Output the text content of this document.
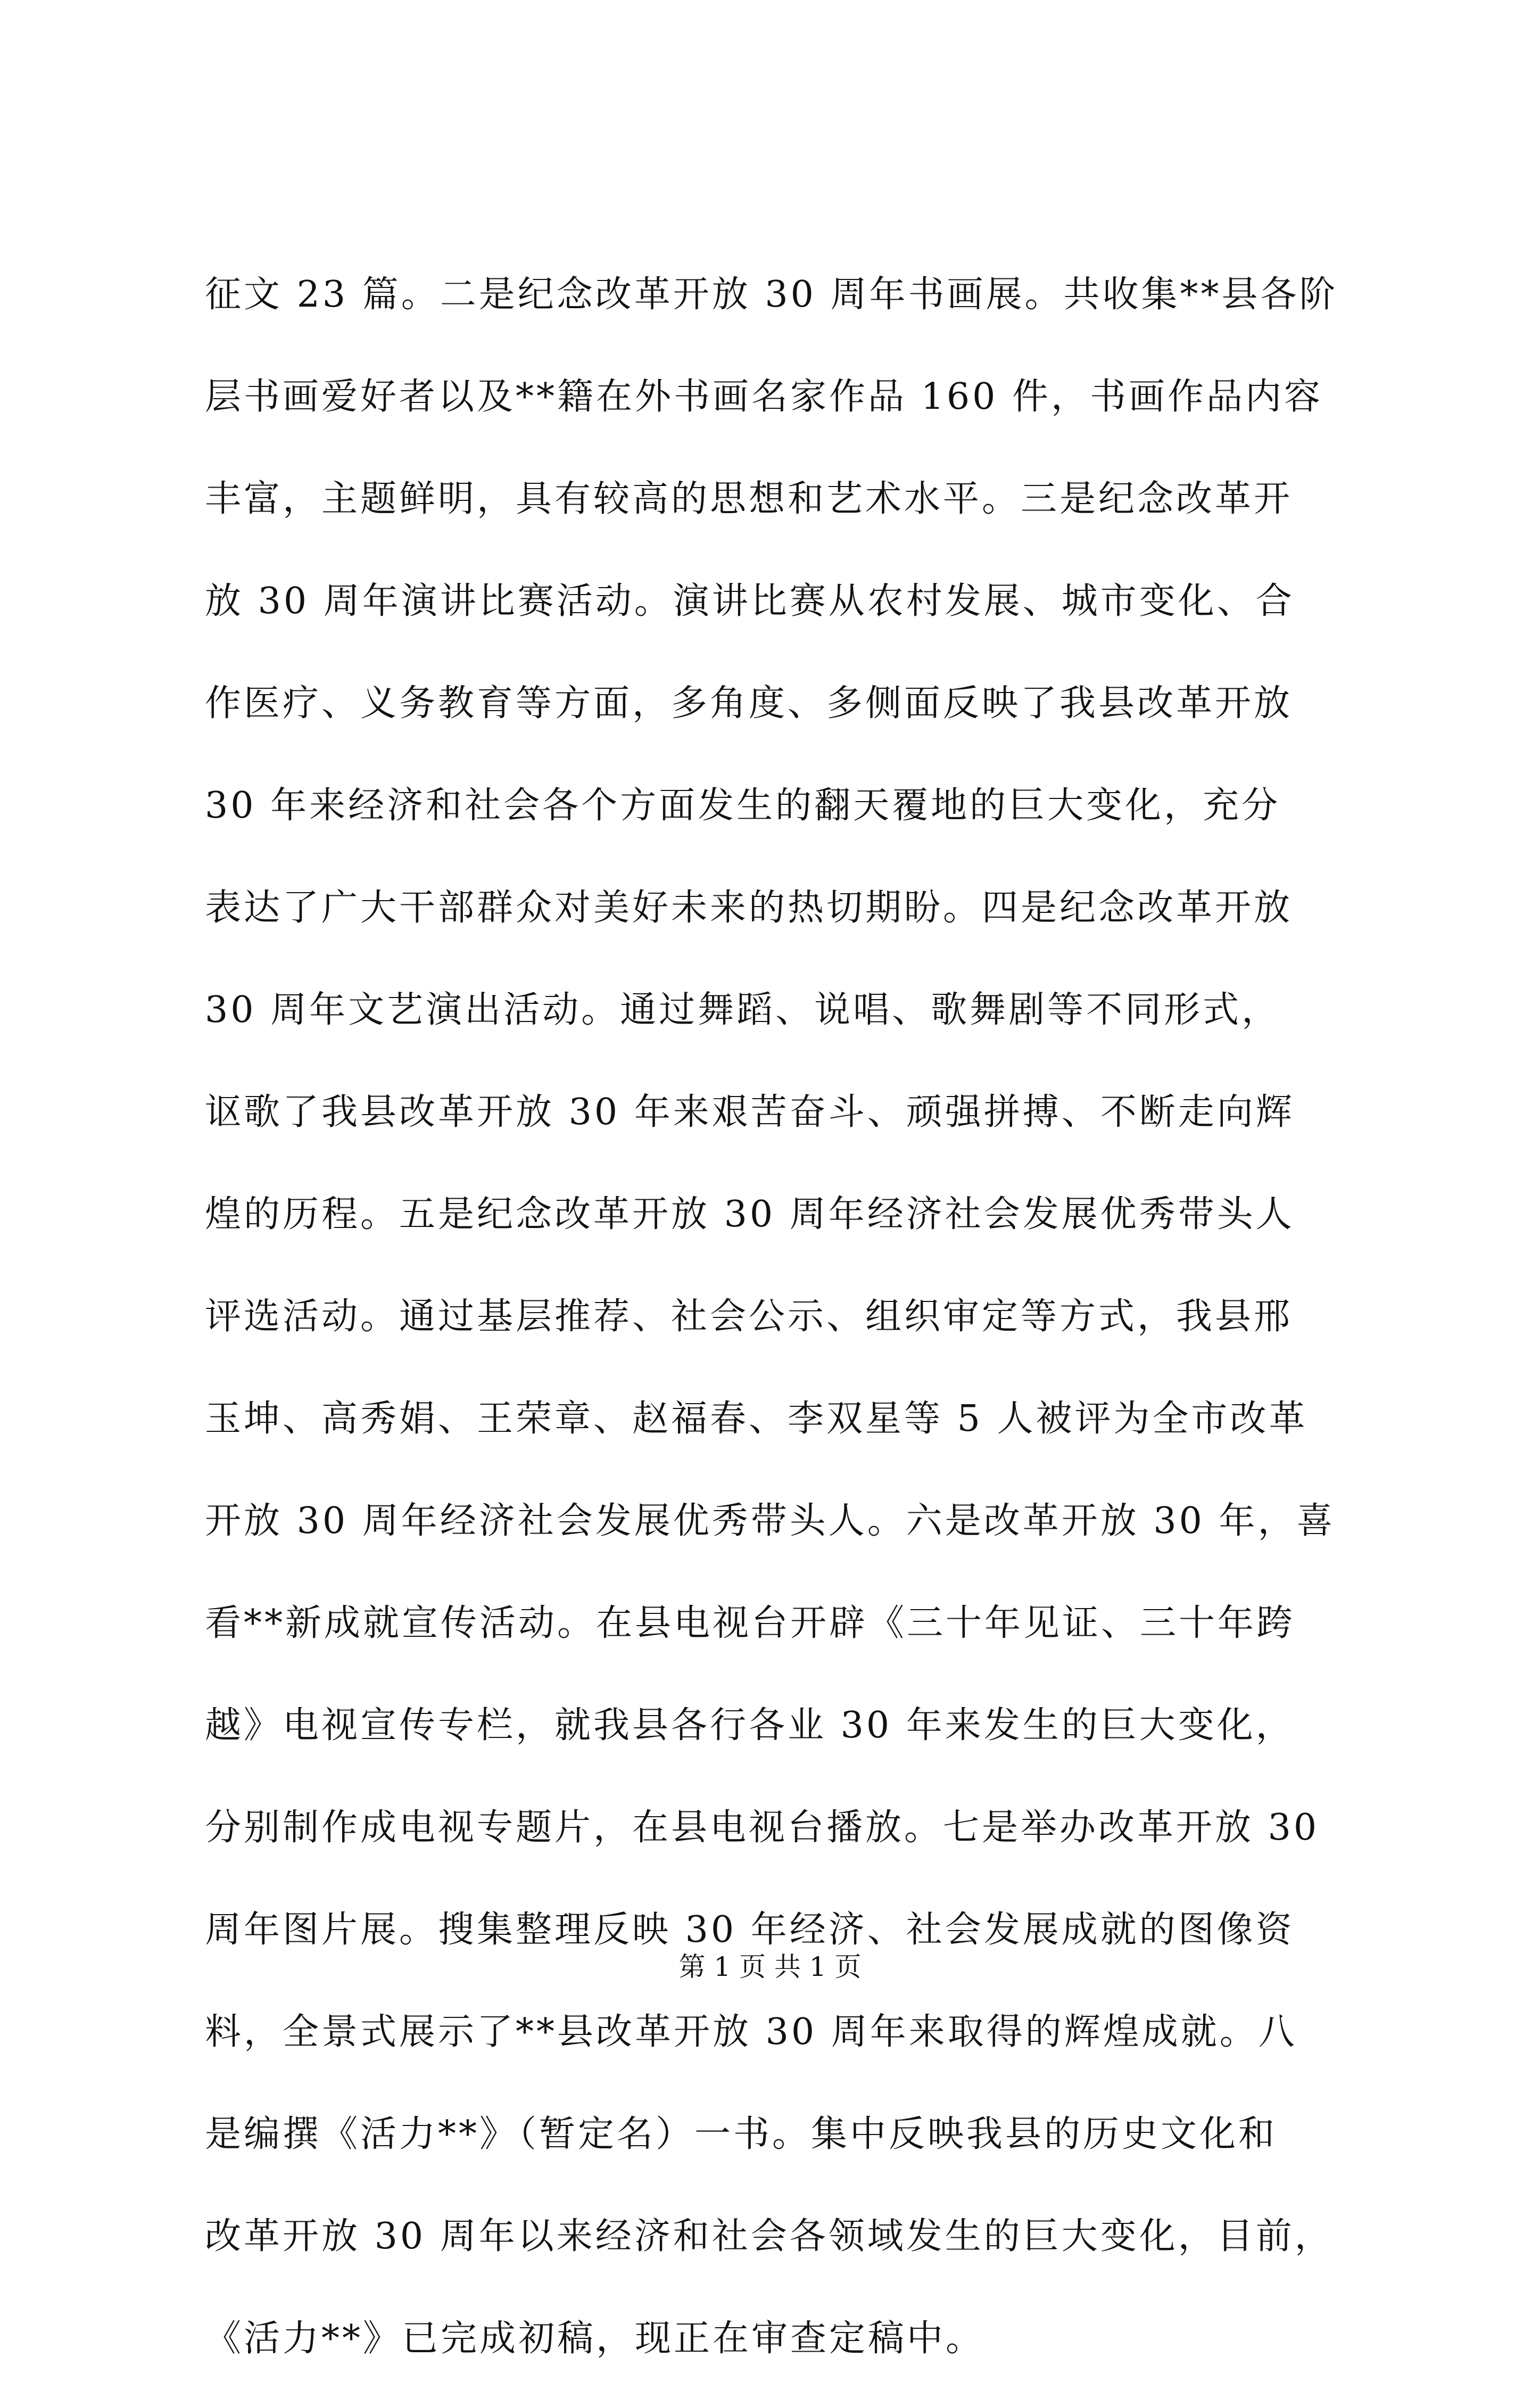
征文 23 篇。二是纪念改革开放 30 周年书画展。共收集**县各阶
层书画爱好者以及**籍在外书画名家作品 160 件，书画作品内容
丰富，主题鲜明，具有较高的思想和艺术水平。三是纪念改革开
放 30 周年演讲比赛活动。演讲比赛从农村发展、城市变化、合
作医疗、义务教育等方面，多角度、多侧面反映了我县改革开放
30 年来经济和社会各个方面发生的翻天覆地的巨大变化，充分
表达了广大干部群众对美好未来的热切期盼。四是纪念改革开放
30 周年文艺演出活动。通过舞蹈、说唱、歌舞剧等不同形式，
讴歌了我县改革开放 30 年来艰苦奋斗、顽强拼搏、不断走向辉
煌的历程。五是纪念改革开放 30 周年经济社会发展优秀带头人
评选活动。通过基层推荐、社会公示、组织审定等方式，我县邢
玉坤、高秀娟、王荣章、赵福春、李双星等 5 人被评为全市改革
开放 30 周年经济社会发展优秀带头人。六是改革开放 30 年，喜
看**新成就宣传活动。在县电视台开辟《三十年见证、三十年跨
越》电视宣传专栏，就我县各行各业 30 年来发生的巨大变化，
分别制作成电视专题片，在县电视台播放。七是举办改革开放 30
周年图片展。搜集整理反映 30 年经济、社会发展成就的图像资
料，全景式展示了**县改革开放 30 周年来取得的辉煌成就。八
是编撰《活力**》（暂定名）一书。集中反映我县的历史文化和
改革开放 30 周年以来经济和社会各领域发生的巨大变化，目前，
《活力**》已完成初稿，现正在审查定稿中。
第 1 页 共 1 页
